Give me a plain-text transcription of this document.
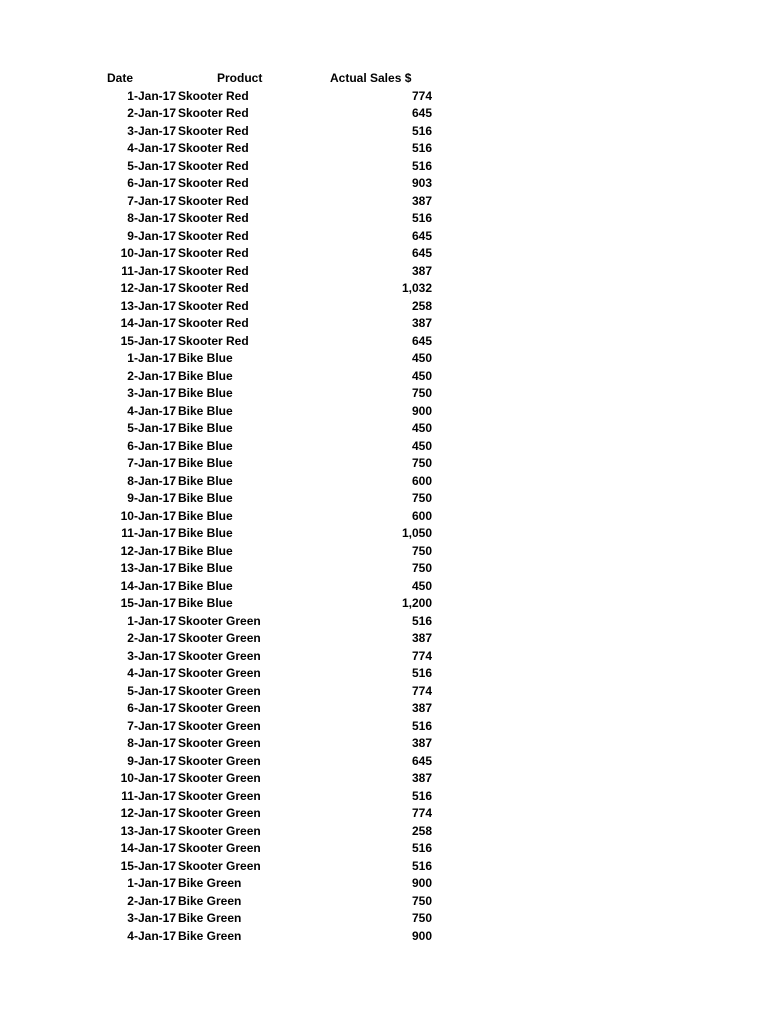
Date	Product	Actual Sales $
1-Jan-17 Skooter Red	774
2-Jan-17 Skooter Red	645
3-Jan-17 Skooter Red	516
4-Jan-17 Skooter Red	516
5-Jan-17 Skooter Red	516
6-Jan-17 Skooter Red	903
7-Jan-17 Skooter Red	387
8-Jan-17 Skooter Red	516
9-Jan-17 Skooter Red	645
10-Jan-17 Skooter Red	645
11-Jan-17 Skooter Red	387
12-Jan-17 Skooter Red	1,032
13-Jan-17 Skooter Red	258
14-Jan-17 Skooter Red	387
15-Jan-17 Skooter Red	645
1-Jan-17 Bike Blue	450
2-Jan-17 Bike Blue	450
3-Jan-17 Bike Blue	750
4-Jan-17 Bike Blue	900
5-Jan-17 Bike Blue	450
6-Jan-17 Bike Blue	450
7-Jan-17 Bike Blue	750
8-Jan-17 Bike Blue	600
9-Jan-17 Bike Blue	750
10-Jan-17 Bike Blue	600
11-Jan-17 Bike Blue	1,050
12-Jan-17 Bike Blue	750
13-Jan-17 Bike Blue	750
14-Jan-17 Bike Blue	450
15-Jan-17 Bike Blue	1,200
1-Jan-17 Skooter Green	516
2-Jan-17 Skooter Green	387
3-Jan-17 Skooter Green	774
4-Jan-17 Skooter Green	516
5-Jan-17 Skooter Green	774
6-Jan-17 Skooter Green	387
7-Jan-17 Skooter Green	516
8-Jan-17 Skooter Green	387
9-Jan-17 Skooter Green	645
10-Jan-17 Skooter Green	387
11-Jan-17 Skooter Green	516
12-Jan-17 Skooter Green	774
13-Jan-17 Skooter Green	258
14-Jan-17 Skooter Green	516
15-Jan-17 Skooter Green	516
1-Jan-17 Bike Green	900
2-Jan-17 Bike Green	750
3-Jan-17 Bike Green	750
4-Jan-17 Bike Green	900
